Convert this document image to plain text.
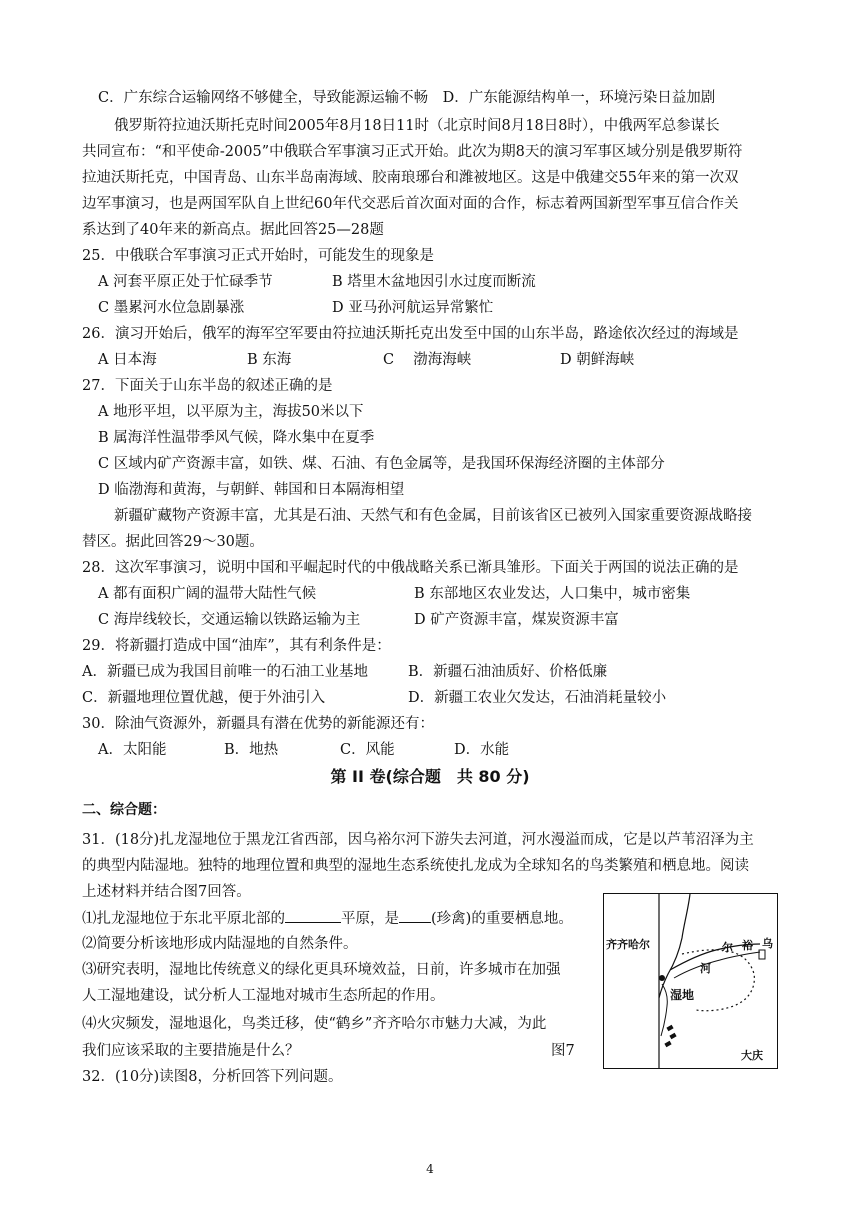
C．广东综合运输网络不够健全，导致能源运输不畅　D．广东能源结构单一，环境污染日益加剧
俄罗斯符拉迪沃斯托克时间2005年8月18日11时（北京时间8月18日8时），中俄两军总参谋长
共同宣布：“和平使命-2005”中俄联合军事演习正式开始。此次为期8天的演习军事区域分别是俄罗斯符
拉迪沃斯托克，中国青岛、山东半岛南海域、胶南琅琊台和潍被地区。这是中俄建交55年来的第一次双
边军事演习，也是两国军队自上世纪60年代交恶后首次面对面的合作，标志着两国新型军事互信合作关
系达到了40年来的新高点。据此回答25—28题
25．中俄联合军事演习正式开始时，可能发生的现象是
A 河套平原正处于忙碌季节	B 塔里木盆地因引水过度而断流
C 墨累河水位急剧暴涨	D 亚马孙河航运异常繁忙
26．演习开始后，俄军的海军空军要由符拉迪沃斯托克出发至中国的山东半岛，路途依次经过的海域是
A 日本海	B 东海	C　 渤海海峡	D 朝鲜海峡
27．下面关于山东半岛的叙述正确的是
A 地形平坦，以平原为主，海拔50米以下
B 属海洋性温带季风气候，降水集中在夏季
C 区域内矿产资源丰富，如铁、煤、石油、有色金属等，是我国环保海经济圈的主体部分
D 临渤海和黄海，与朝鲜、韩国和日本隔海相望
新疆矿藏物产资源丰富，尤其是石油、天然气和有色金属，目前该省区已被列入国家重要资源战略接
替区。据此回答29～30题。
28．这次军事演习，说明中国和平崛起时代的中俄战略关系已渐具雏形。下面关于两国的说法正确的是
A 都有面积广阔的温带大陆性气候	B 东部地区农业发达，人口集中，城市密集
C 海岸线较长，交通运输以铁路运输为主	D 矿产资源丰富，煤炭资源丰富
29．将新疆打造成中国“油库”，其有利条件是：
A．新疆已成为我国目前唯一的石油工业基地	B．新疆石油油质好、价格低廉
C．新疆地理位置优越，便于外油引入	D．新疆工农业欠发达，石油消耗量较小
30．除油气资源外，新疆具有潜在优势的新能源还有：
A．太阳能	B．地热	C．风能	D．水能
第 II 卷(综合题　共 80 分)
二、综合题：
31．(18分)扎龙湿地位于黑龙江省西部，因乌裕尔河下游失去河道，河水漫溢而成，它是以芦苇沼泽为主
的典型内陆湿地。独特的地理位置和典型的湿地生态系统使扎龙成为全球知名的鸟类繁殖和栖息地。阅读
上述材料并结合图7回答。
⑴扎龙湿地位于东北平原北部的	平原，是 (珍禽)的重要栖息地。
⑵简要分析该地形成内陆湿地的自然条件。
⑶研究表明，湿地比传统意义的绿化更具环境效益，日前，许多城市在加强
人工湿地建设，试分析人工湿地对城市生态所起的作用。
⑷火灾频发，湿地退化，鸟类迁移，使“鹤乡”齐齐哈尔市魅力大减，为此
我们应该采取的主要措施是什么？	图7
32．(10分)读图8，分析回答下列问题。
齐齐哈尔
河
尔 裕 乌
湿地
大庆
4
